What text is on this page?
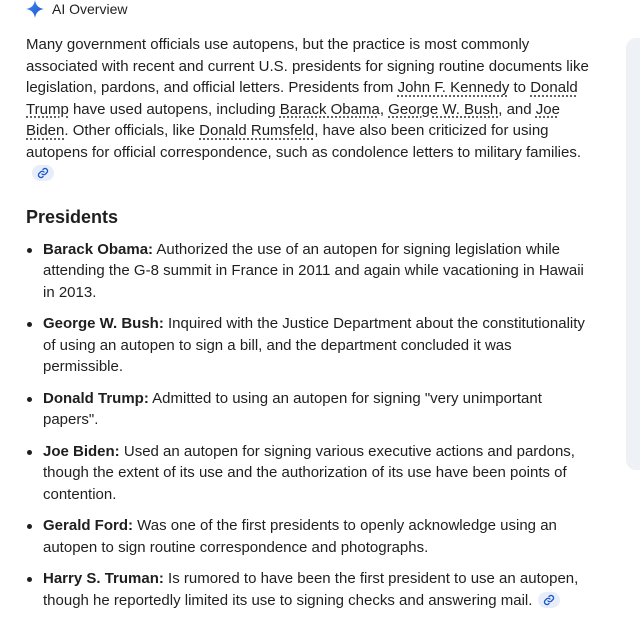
AI Overview

Many government officials use autopens, but the practice is most commonly associated with recent and current U.S. presidents for signing routine documents like legislation, pardons, and official letters. Presidents from John F. Kennedy to Donald Trump have used autopens, including Barack Obama, George W. Bush, and Joe Biden. Other officials, like Donald Rumsfeld, have also been criticized for using autopens for official correspondence, such as condolence letters to military families.

Presidents
Barack Obama: Authorized the use of an autopen for signing legislation while attending the G-8 summit in France in 2011 and again while vacationing in Hawaii in 2013.
George W. Bush: Inquired with the Justice Department about the constitutionality of using an autopen to sign a bill, and the department concluded it was permissible.
Donald Trump: Admitted to using an autopen for signing "very unimportant papers".
Joe Biden: Used an autopen for signing various executive actions and pardons, though the extent of its use and the authorization of its use have been points of contention.
Gerald Ford: Was one of the first presidents to openly acknowledge using an autopen to sign routine correspondence and photographs.
Harry S. Truman: Is rumored to have been the first president to use an autopen, though he reportedly limited its use to signing checks and answering mail.
